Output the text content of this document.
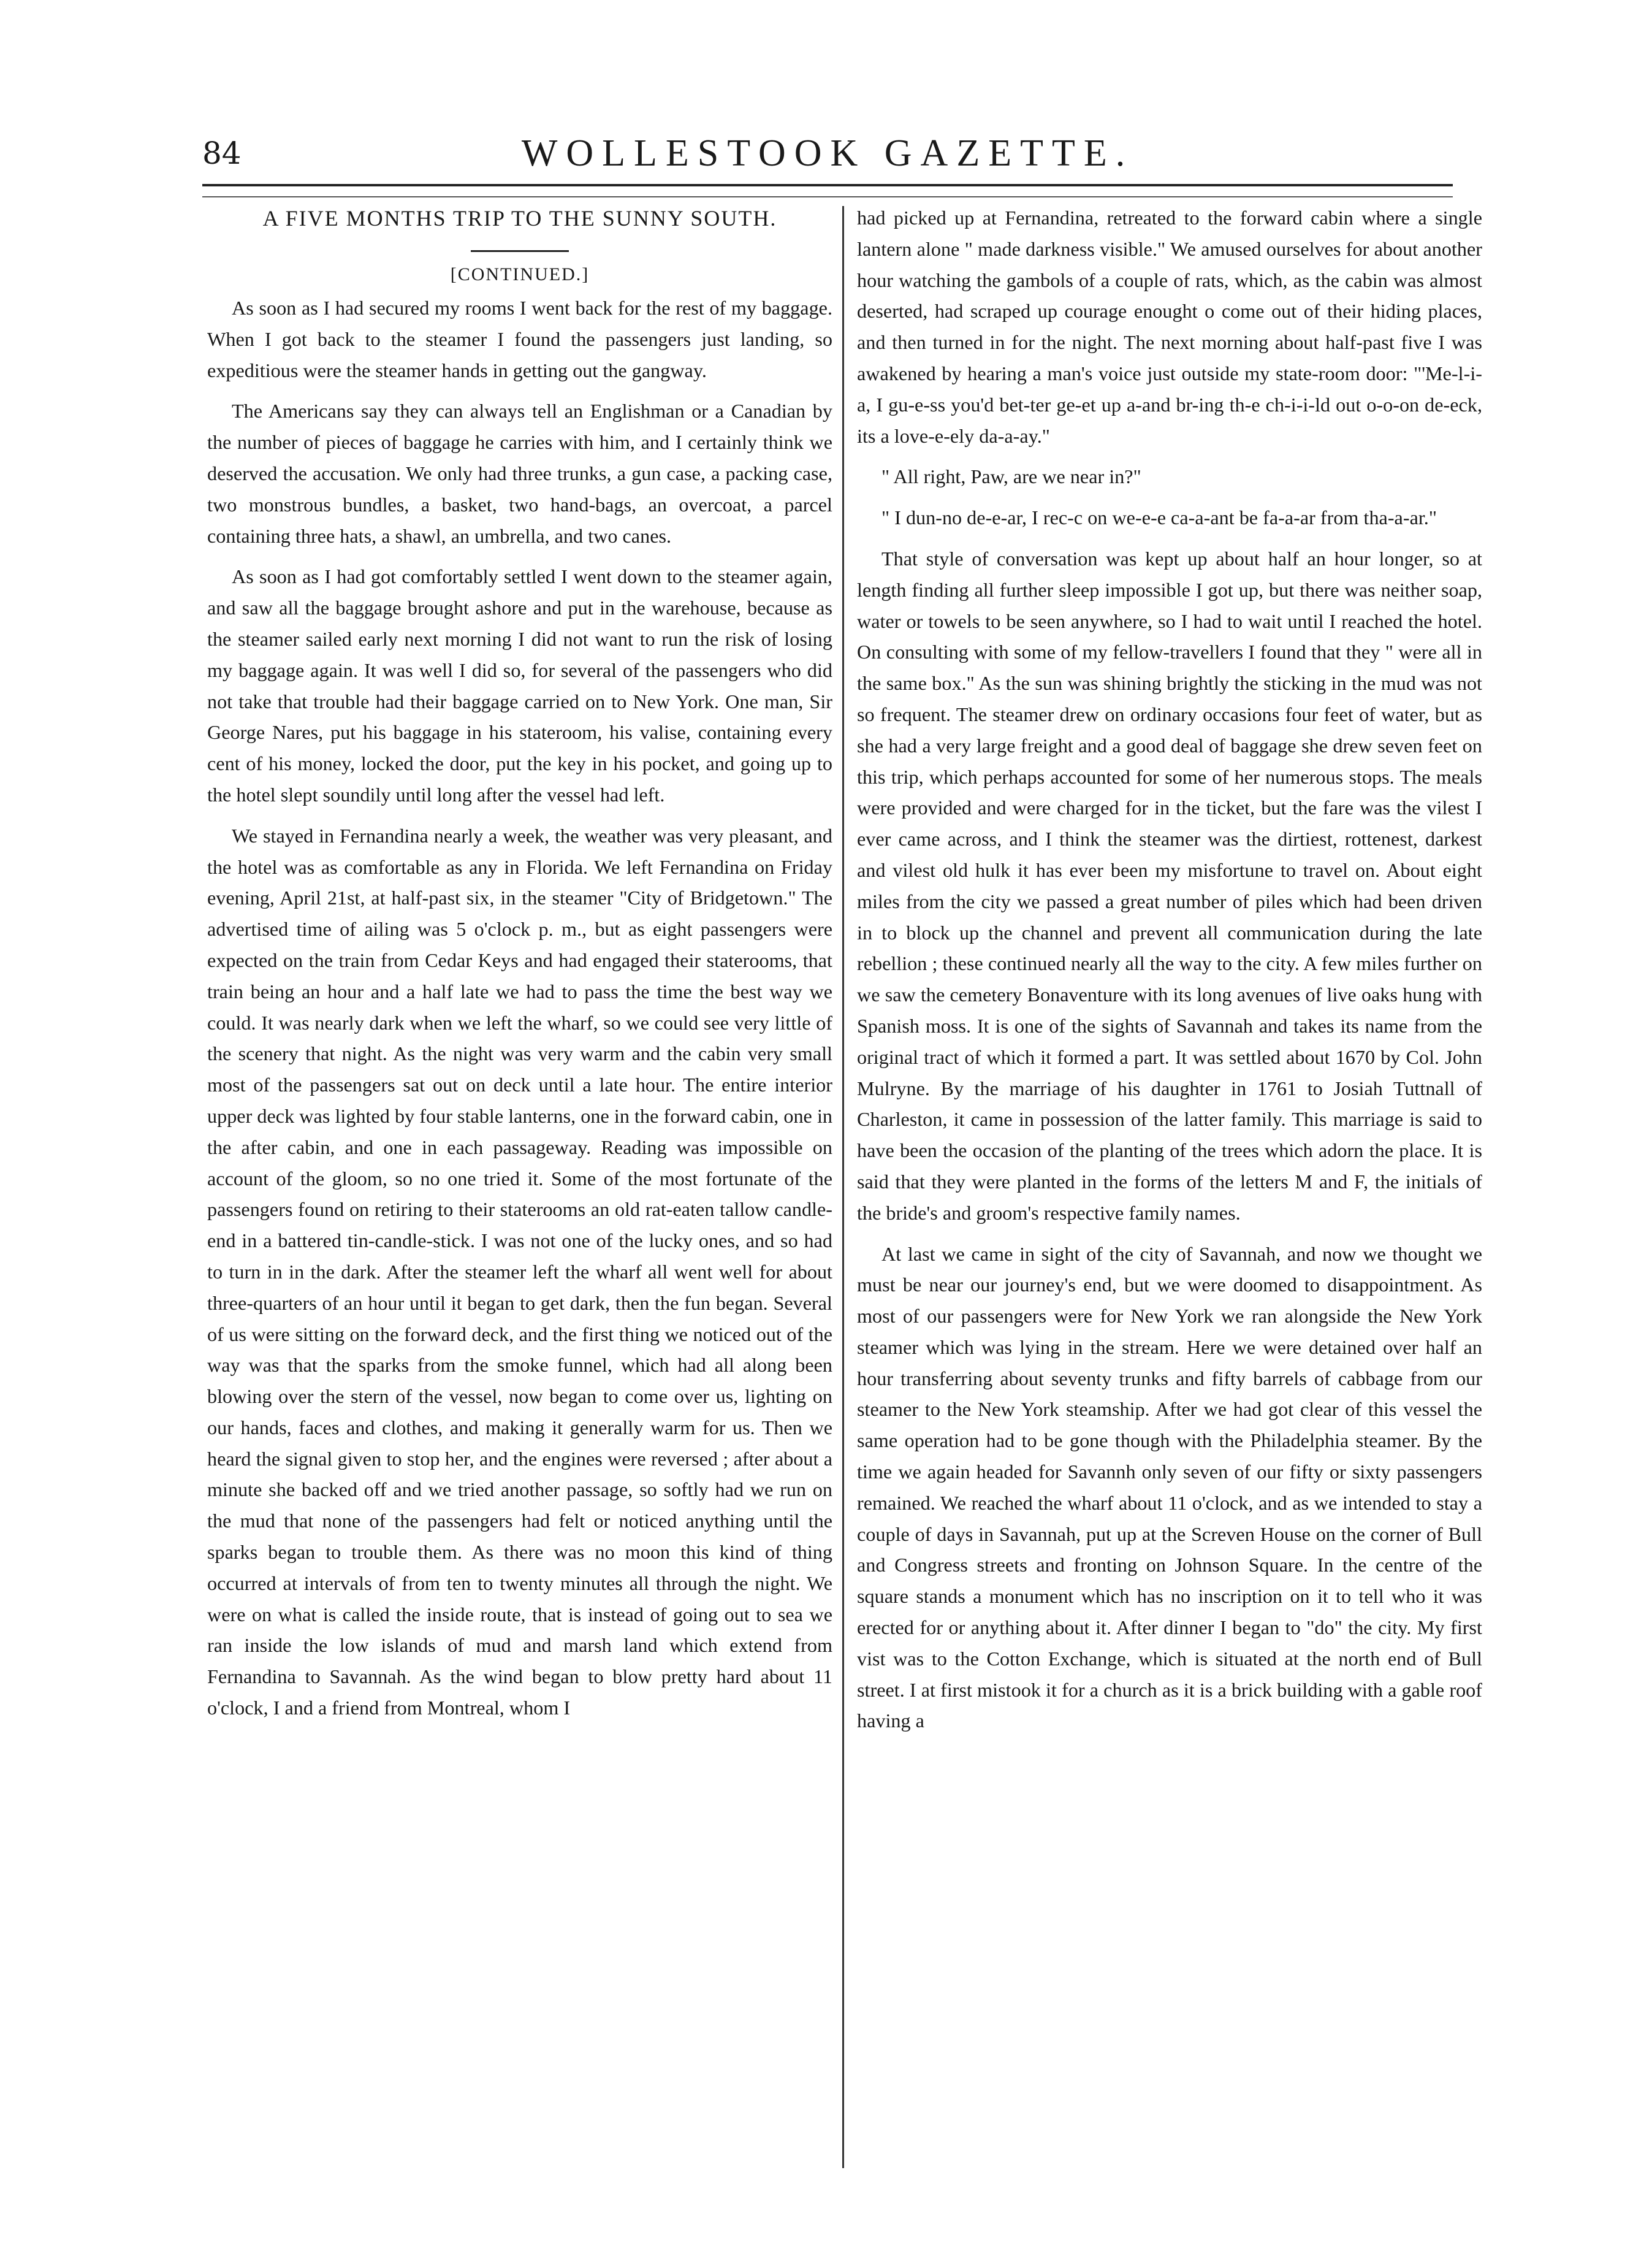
84	WOLLESTOOK GAZETTE.
A FIVE MONTHS TRIP TO THE SUNNY SOUTH.
[CONTINUED.]

As soon as I had secured my rooms I went back for the rest of my baggage. When I got back to the steamer I found the passengers just landing, so expeditious were the steamer hands in getting out the gangway.

The Americans say they can always tell an Englishman or a Canadian by the number of pieces of baggage he carries with him, and I certainly think we deserved the accusation. We only had three trunks, a gun case, a packing case, two monstrous bundles, a basket, two hand-bags, an overcoat, a parcel containing three hats, a shawl, an umbrella, and two canes.

As soon as I had got comfortably settled I went down to the steamer again, and saw all the baggage brought ashore and put in the warehouse, because as the steamer sailed early next morning I did not want to run the risk of losing my baggage again. It was well I did so, for several of the passengers who did not take that trouble had their baggage carried on to New York. One man, Sir George Nares, put his baggage in his stateroom, his valise, containing every cent of his money, locked the door, put the key in his pocket, and going up to the hotel slept soundily until long after the vessel had left.

We stayed in Fernandina nearly a week, the weather was very pleasant, and the hotel was as comfortable as any in Florida. We left Fernandina on Friday evening, April 21st, at half-past six, in the steamer "City of Bridgetown." The advertised time of ailing was 5 o'clock p. m., but as eight passengers were expected on the train from Cedar Keys and had engaged their staterooms, that train being an hour and a half late we had to pass the time the best way we could. It was nearly dark when we left the wharf, so we could see very little of the scenery that night. As the night was very warm and the cabin very small most of the passengers sat out on deck until a late hour. The entire interior upper deck was lighted by four stable lanterns, one in the forward cabin, one in the after cabin, and one in each passageway. Reading was impossible on account of the gloom, so no one tried it. Some of the most fortunate of the passengers found on retiring to their staterooms an old rat-eaten tallow candle-end in a battered tin-candle-stick. I was not one of the lucky ones, and so had to turn in in the dark. After the steamer left the wharf all went well for about three-quarters of an hour until it began to get dark, then the fun began. Several of us were sitting on the forward deck, and the first thing we noticed out of the way was that the sparks from the smoke funnel, which had all along been blowing over the stern of the vessel, now began to come over us, lighting on our hands, faces and clothes, and making it generally warm for us. Then we heard the signal given to stop her, and the engines were reversed ; after about a minute she backed off and we tried another passage, so softly had we run on the mud that none of the passengers had felt or noticed anything until the sparks began to trouble them. As there was no moon this kind of thing occurred at intervals of from ten to twenty minutes all through the night. We were on what is called the inside route, that is instead of going out to sea we ran inside the low islands of mud and marsh land which extend from Fernandina to Savannah. As the wind began to blow pretty hard about 11 o'clock, I and a friend from Montreal, whom I

had picked up at Fernandina, retreated to the forward cabin where a single lantern alone " made darkness visible." We amused ourselves for about another hour watching the gambols of a couple of rats, which, as the cabin was almost deserted, had scraped up courage enought o come out of their hiding places, and then turned in for the night. The next morning about half-past five I was awakened by hearing a man's voice just outside my state-room door: "'Me-l-i-a, I gu-e-ss you'd bet-ter ge-et up a-and br-ing th-e ch-i-i-ld out o-o-on de-eck, its a love-e-ely da-a-ay."

" All right, Paw, are we near in?"

" I dun-no de-e-ar, I rec-c on we-e-e ca-a-ant be fa-a-ar from tha-a-ar."

That style of conversation was kept up about half an hour longer, so at length finding all further sleep impossible I got up, but there was neither soap, water or towels to be seen anywhere, so I had to wait until I reached the hotel. On consulting with some of my fellow-travellers I found that they " were all in the same box." As the sun was shining brightly the sticking in the mud was not so frequent. The steamer drew on ordinary occasions four feet of water, but as she had a very large freight and a good deal of baggage she drew seven feet on this trip, which perhaps accounted for some of her numerous stops. The meals were provided and were charged for in the ticket, but the fare was the vilest I ever came across, and I think the steamer was the dirtiest, rottenest, darkest and vilest old hulk it has ever been my misfortune to travel on. About eight miles from the city we passed a great number of piles which had been driven in to block up the channel and prevent all communication during the late rebellion ; these continued nearly all the way to the city. A few miles further on we saw the cemetery Bonaventure with its long avenues of live oaks hung with Spanish moss. It is one of the sights of Savannah and takes its name from the original tract of which it formed a part. It was settled about 1670 by Col. John Mulryne. By the marriage of his daughter in 1761 to Josiah Tuttnall of Charleston, it came in possession of the latter family. This marriage is said to have been the occasion of the planting of the trees which adorn the place. It is said that they were planted in the forms of the letters M and F, the initials of the bride's and groom's respective family names.

At last we came in sight of the city of Savannah, and now we thought we must be near our journey's end, but we were doomed to disappointment. As most of our passengers were for New York we ran alongside the New York steamer which was lying in the stream. Here we were detained over half an hour transferring about seventy trunks and fifty barrels of cabbage from our steamer to the New York steamship. After we had got clear of this vessel the same operation had to be gone though with the Philadelphia steamer. By the time we again headed for Savannh only seven of our fifty or sixty passengers remained. We reached the wharf about 11 o'clock, and as we intended to stay a couple of days in Savannah, put up at the Screven House on the corner of Bull and Congress streets and fronting on Johnson Square. In the centre of the square stands a monument which has no inscription on it to tell who it was erected for or anything about it. After dinner I began to "do" the city. My first vist was to the Cotton Exchange, which is situated at the north end of Bull street. I at first mistook it for a church as it is a brick building with a gable roof having a
